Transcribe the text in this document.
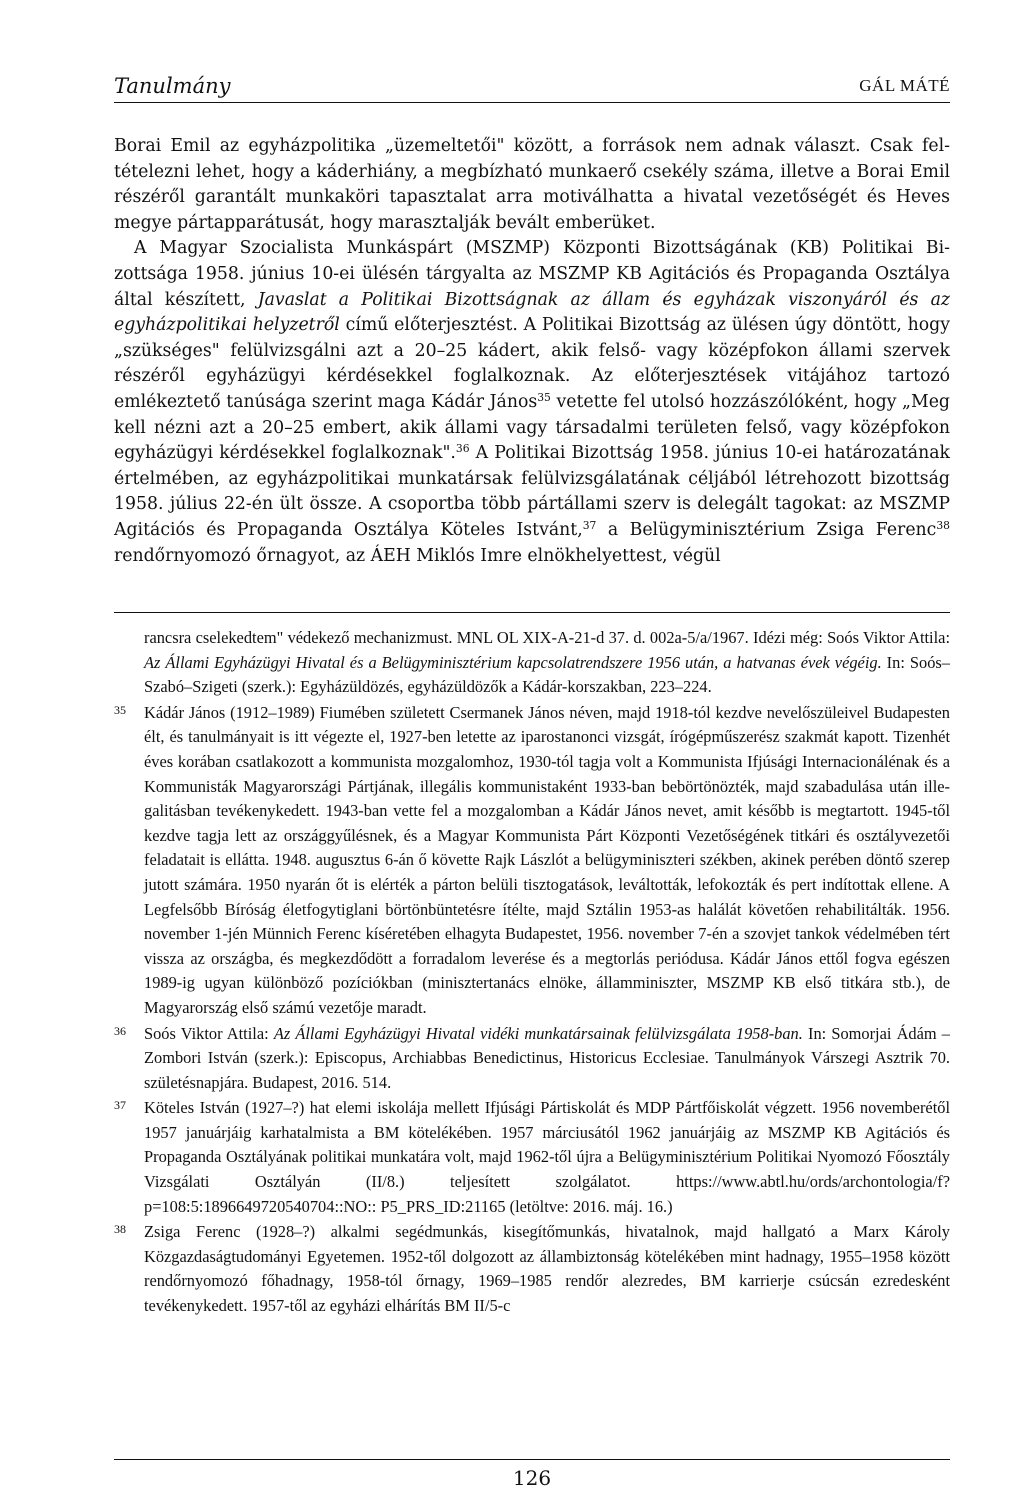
Tanulmány	GÁL MÁTÉ

Borai Emil az egyházpolitika „üzemeltetői" között, a források nem adnak választ. Csak feltételezni lehet, hogy a káderhiány, a megbízható munkaerő csekély száma, illetve a Borai Emil részéről garantált munkaköri tapasztalat arra motiválhatta a hivatal vezetőségét és Heves megye pártapparátusát, hogy marasztalják bevált emberüket.

A Magyar Szocialista Munkáspárt (MSZMP) Központi Bizottságának (KB) Politikai Bizottsága 1958. június 10-ei ülésén tárgyalta az MSZMP KB Agitációs és Propaganda Osztálya által készített, Javaslat a Politikai Bizottságnak az állam és egyházak viszonyáról és az egyházpolitikai helyzetről című előterjesztést. A Politikai Bizottság az ülésen úgy döntött, hogy „szükséges" felülvizsgálni azt a 20–25 kádert, akik felső- vagy középfokon állami szervek részéről egyházügyi kérdésekkel foglalkoznak. Az előterjesztések vitájához tartozó emlékeztető tanúsága szerint maga Kádár János$^{35}$ vetette fel utolsó hozzászólóként, hogy „Meg kell nézni azt a 20–25 embert, akik állami vagy társadalmi területen felső, vagy középfokon egyházügyi kérdésekkel foglalkoznak".$^{36}$ A Politikai Bizottság 1958. június 10-ei határozatának értelmében, az egyházpolitikai munkatársak felülvizsgálatának céljából létrehozott bizottság 1958. július 22-én ült össze. A csoportba több pártállami szerv is delegált tagokat: az MSZMP Agitációs és Propaganda Osztálya Köteles Istvánt,$^{37}$ a Belügyminisztérium Zsiga Ferenc$^{38}$ rendőrnyomozó őrnagyot, az ÁEH Miklós Imre elnökhelyettest, végül

rancsra cselekedtem" védekező mechanizmust. MNL OL XIX-A-21-d 37. d. 002a-5/a/1967. Idézi még: Soós Viktor Attila: Az Állami Egyházügyi Hivatal és a Belügyminisztérium kapcsolatrendszere 1956 után, a hatvanas évek végéig. In: Soós–Szabó–Szigeti (szerk.): Egyházüldözés, egyházüldözők a Kádár-korszakban, 223–224.
35 Kádár János (1912–1989) Fiumében született Csermanek János néven, majd 1918-tól kezdve nevelőszüleivel Budapesten élt, és tanulmányait is itt végezte el, 1927-ben letette az iparostanonci vizsgát, írógépműszerész szakmát kapott. Tizenhét éves korában csatlakozott a kommunista mozgalomhoz, 1930-tól tagja volt a Kommunista Ifjúsági Internacionálénak és a Kommunisták Magyarországi Pártjának, illegális kommunistaként 1933-ban bebörtönözték, majd szabadulása után illegalitásban tevékenykedett. 1943-ban vette fel a mozgalomban a Kádár János nevet, amit később is megtartott. 1945-től kezdve tagja lett az országgyűlésnek, és a Magyar Kommunista Párt Központi Vezetőségének titkári és osztályvezetői feladatait is ellátta. 1948. augusztus 6-án ő követte Rajk Lászlót a belügyminiszteri székben, akinek perében döntő szerep jutott számára. 1950 nyarán őt is elérték a párton belüli tisztogatások, leváltották, lefokozták és pert indítottak ellene. A Legfelsőbb Bíróság életfogytiglani börtönbüntetésre ítélte, majd Sztálin 1953-as halálát követően rehabilitálták. 1956. november 1-jén Münnich Ferenc kíséretében elhagyta Budapestet, 1956. november 7-én a szovjet tankok védelmében tért vissza az országba, és megkezdődött a forradalom leverése és a megtorlás periódusa. Kádár János ettől fogva egészen 1989-ig ugyan különböző pozíciókban (minisztertanács elnöke, államminiszter, MSZMP KB első titkára stb.), de Magyarország első számú vezetője maradt.
36 Soós Viktor Attila: Az Állami Egyházügyi Hivatal vidéki munkatársainak felülvizsgálata 1958-ban. In: Somorjai Ádám – Zombori István (szerk.): Episcopus, Archiabbas Benedictinus, Historicus Ecclesiae. Tanulmányok Várszegi Asztrik 70. születésnapjára. Budapest, 2016. 514.
37 Köteles István (1927–?) hat elemi iskolája mellett Ifjúsági Pártiskolát és MDP Pártfőiskolát végzett. 1956 novemberétől 1957 januárjáig karhatalmista a BM kötelékében. 1957 márciusától 1962 januárjáig az MSZMP KB Agitációs és Propaganda Osztályának politikai munkatára volt, majd 1962-től újra a Belügyminisztérium Politikai Nyomozó Főosztály Vizsgálati Osztályán (II/8.) teljesített szolgálatot. https://www.abtl.hu/ords/archontologia/f?p=108:5:1896649720540704::NO:: P5_PRS_ID:21165 (letöltve: 2016. máj. 16.)
38 Zsiga Ferenc (1928–?) alkalmi segédmunkás, kisegítőmunkás, hivatalnok, majd hallgató a Marx Károly Közgazdaságtudományi Egyetemen. 1952-től dolgozott az állambiztonság kötelékében mint hadnagy, 1955–1958 között rendőrnyomozó főhadnagy, 1958-tól őrnagy, 1969–1985 rendőr alezredes, BM karrierje csúcsán ezredesként tevékenykedett. 1957-től az egyházi elhárítás BM II/5-c
126
